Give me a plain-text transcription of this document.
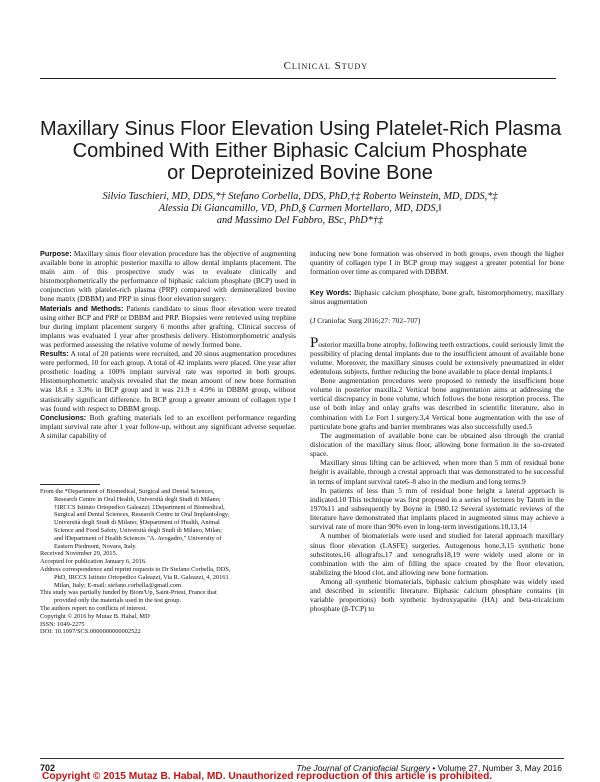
Clinical Study
Maxillary Sinus Floor Elevation Using Platelet-Rich Plasma
Combined With Either Biphasic Calcium Phosphate
or Deproteinized Bovine Bone
Silvio Taschieri, MD, DDS,*† Stefano Corbella, DDS, PhD,†‡ Roberto Weinstein, MD, DDS,*‡
Alessia Di Giancamillo, VD, PhD,§ Carmen Mortellaro, MD, DDS,‖
and Massimo Del Fabbro, BSc, PhD*†‡

Purpose: Maxillary sinus floor elevation procedure has the objective of augmenting available bone in atrophic posterior maxilla to allow dental implants placement. The main aim of this prospective study was to evaluate clinically and histomorphometrically the performance of biphasic calcium phosphate (BCP) used in conjunction with platelet-rich plasma (PRP) compared with demineralized bovine bone matrix (DBBM) and PRP in sinus floor elevation surgery.

Materials and Methods: Patients candidate to sinus floor elevation were treated using either BCP and PRP or DBBM and PRP. Biopsies were retrieved using trephine bur during implant placement surgery 6 months after grafting. Clinical success of implants was evaluated 1 year after prosthesis delivery. Histomorphometric analysis was performed assessing the relative volume of newly formed bone.

Results: A total of 20 patients were recruited, and 20 sinus augmentation procedures were performed, 10 for each group. A total of 42 implants were placed. One year after prosthetic loading a 100% implant survival rate was reported in both groups. Histomorphometric analysis revealed that the mean amount of new bone formation was 18.6 ± 3.3% in BCP group and it was 21.9 ± 4.9% in DBBM group, without statistically significant difference. In BCP group a greater amount of collagen type I was found with respect to DBBM group.

Conclusions: Both grafting materials led to an excellent performance regarding implant survival rate after 1 year follow-up, without any significant adverse sequelae. A similar capability of

From the *Department of Biomedical, Surgical and Dental Sciences,
Research Centre in Oral Health, Università degli Studi di Milano;
†IRCCS Istituto Ortopedico Galeazzi; ‡Department of Biomedical,
Surgical and Dental Sciences, Research Centre in Oral Implantology,
Università degli Studi di Milano; §Department of Health, Animal
Science and Food Safety, Università degli Studi di Milano, Milan;
and ‖Department of Health Sciences "A. Avogadro," University of
Eastern Piedmont, Novara, Italy.
Received November 29, 2015.
Accepted for publication January 6, 2016.
Address correspondence and reprint requests to Dr Stefano Corbella, DDS,
PhD, IRCCS Istituto Ortopedico Galeazzi, Via R. Galeazzi, 4, 20161
Milan, Italy; E-mail: stefano.corbella@gmail.com
This study was partially funded by Biom'Up, Saint-Priest, France that
provided only the materials used in the test group.
The authors report no conflicts of interest.
Copyright © 2016 by Mutaz B. Habal, MD
ISSN: 1049-2275
DOI: 10.1097/SCS.0000000000002522
inducing new bone formation was observed in both groups, even though the higher quantity of collagen type I in BCP group may suggest a greater potential for bone formation over time as compared with DBBM.
Key Words: Biphasic calcium phosphate, bone graft, histomorphometry, maxillary sinus augmentation
(J Craniofac Surg 2016;27: 702–707)

Posterior maxilla bone atrophy, following teeth extractions, could seriously limit the possibility of placing dental implants due to the insufficient amount of available bone volume. Moreover, the maxillary sinuses could be extensively pneumatized in elder edentulous subjects, further reducing the bone available to place dental implants.1

Bone augmentation procedures were proposed to remedy the insufficient bone volume in posterior maxilla.2 Vertical bone augmentation aims at addressing the vertical discrepancy in bone volume, which follows the bone resorption process. The use of both inlay and onlay grafts was described in scientific literature, also in combination with Le Fort I surgery.3,4 Vertical bone augmentation with the use of particulate bone grafts and barrier membranes was also successfully used.5

The augmentation of available bone can be obtained also through the cranial dislocation of the maxillary sinus floor, allowing bone formation in the so-created space.

Maxillary sinus lifting can be achieved, when more than 5 mm of residual bone height is available, through a crestal approach that was demonstrated to be successful in terms of implant survival rate6–8 also in the medium and long terms.9

In patients of less than 5 mm of residual bone height a lateral approach is indicated.10 This technique was first proposed in a series of lectures by Tatum in the 1970s11 and subsequently by Boyne in 1980.12 Several systematic reviews of the literature have demonstrated that implants placed in augmented sinus may achieve a survival rate of more than 90% even in long-term investigations.10,13,14

A number of biomaterials were used and studied for lateral approach maxillary sinus floor elevation (LASFE) surgeries. Autogenous bone,3,15 synthetic bone substitutes,16 allografts,17 and xenografts18,19 were widely used alone or in combination with the aim of filling the space created by the floor elevation, stabilizing the blood clot, and allowing new bone formation.

Among all synthetic biomaterials, biphasic calcium phosphate was widely used and described in scientific literature. Biphasic calcium phosphate contains (in variable proportions) both synthetic hydroxyapatite (HA) and beta-tricalcium phosphate (β-TCP) to

702	The Journal of Craniofacial Surgery • Volume 27, Number 3, May 2016
Copyright © 2015 Mutaz B. Habal, MD. Unauthorized reproduction of this article is prohibited.
